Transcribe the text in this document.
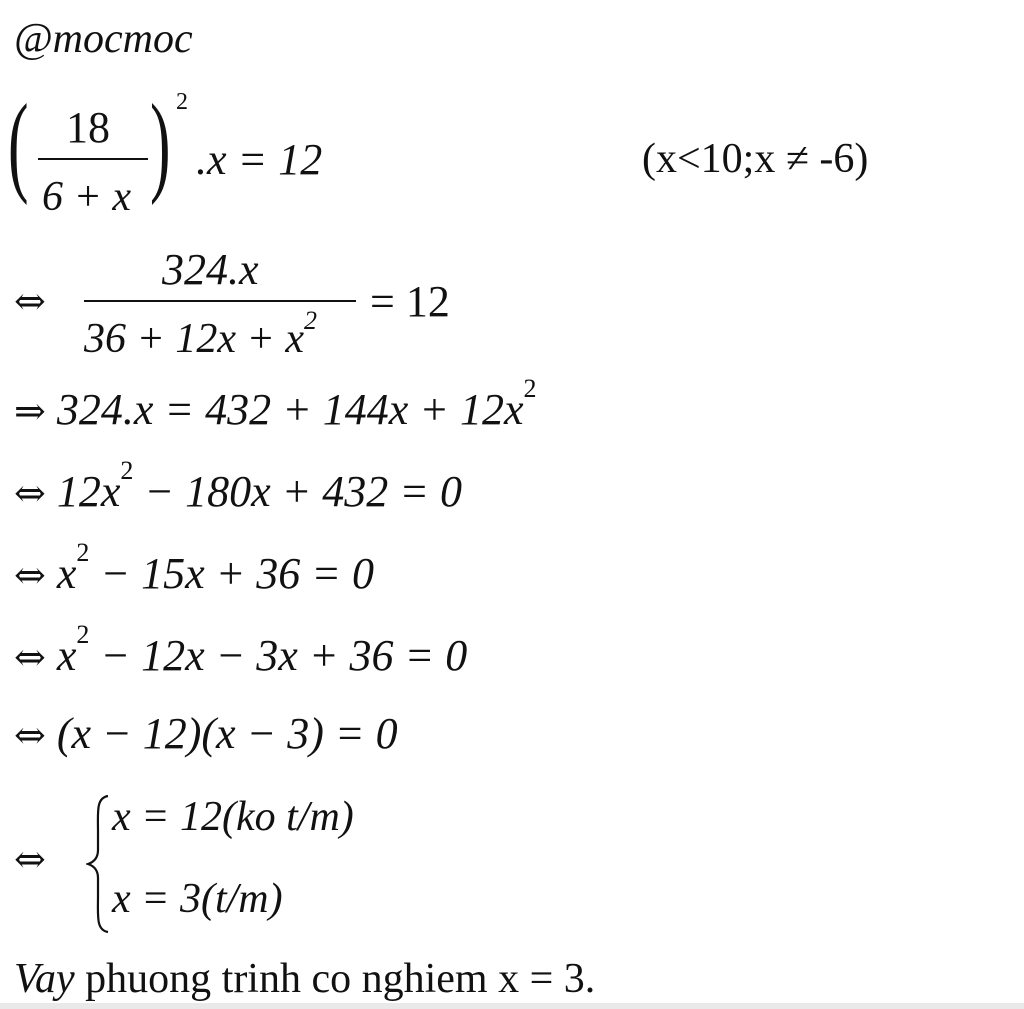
@mocmoc
( 18
6 + x ) 2
.x = 12	(x<10;x ≠ -6)
⇔
324.x
$36 + 12x + x^2 = 12$
⇒ $324.x = 432 + 144x + 12x^2$
⇔ $12x^2 - 180x + 432 = 0$
⇔ $x^2 - 15x + 36 = 0$
⇔ $x^2 - 12x - 3x + 36 = 0$
⇔ (x − 12)(x − 3) = 0
⇔
x = 12(ko t/m)
x = 3(t/m)
Vay phuong trinh co nghiem x = 3.
